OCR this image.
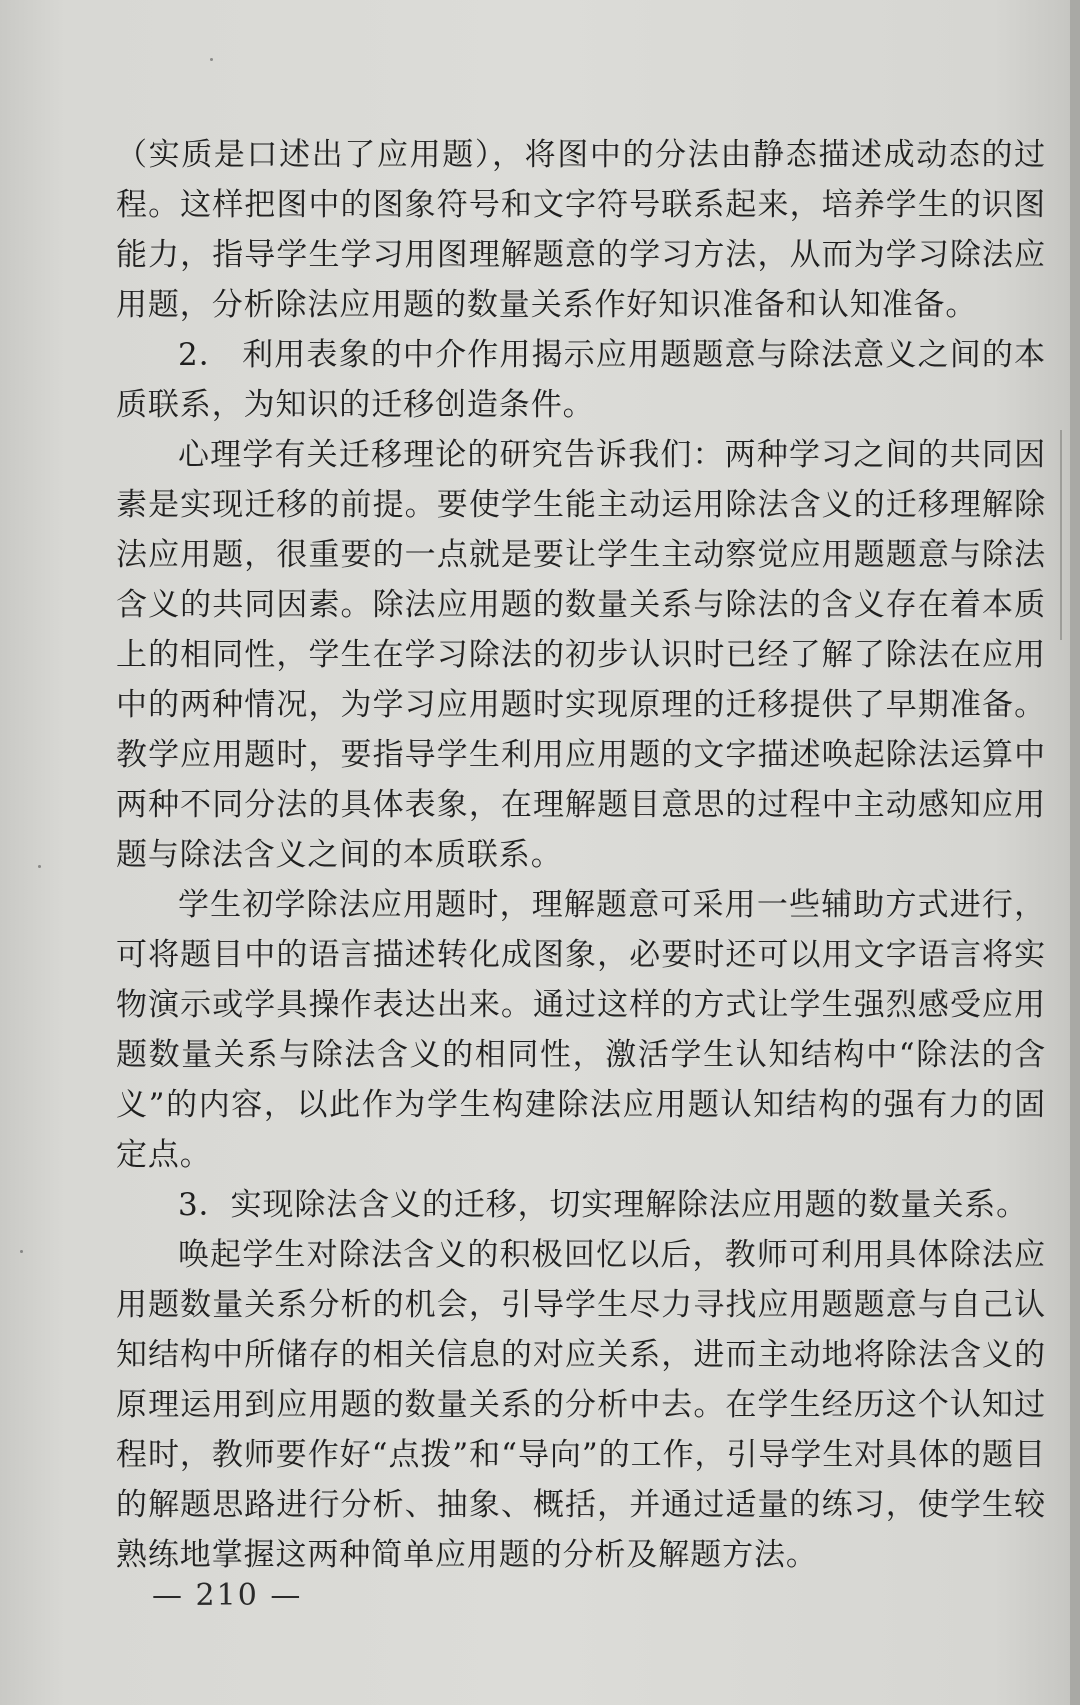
（实质是口述出了应用题），将图中的分法由静态描述成动态的过程。这样把图中的图象符号和文字符号联系起来，培养学生的识图能力，指导学生学习用图理解题意的学习方法，从而为学习除法应用题，分析除法应用题的数量关系作好知识准备和认知准备。

2． 利用表象的中介作用揭示应用题题意与除法意义之间的本质联系，为知识的迁移创造条件。

心理学有关迁移理论的研究告诉我们：两种学习之间的共同因素是实现迁移的前提。要使学生能主动运用除法含义的迁移理解除法应用题，很重要的一点就是要让学生主动察觉应用题题意与除法含义的共同因素。除法应用题的数量关系与除法的含义存在着本质上的相同性，学生在学习除法的初步认识时已经了解了除法在应用中的两种情况，为学习应用题时实现原理的迁移提供了早期准备。教学应用题时，要指导学生利用应用题的文字描述唤起除法运算中两种不同分法的具体表象，在理解题目意思的过程中主动感知应用题与除法含义之间的本质联系。

学生初学除法应用题时，理解题意可采用一些辅助方式进行，可将题目中的语言描述转化成图象，必要时还可以用文字语言将实物演示或学具操作表达出来。通过这样的方式让学生强烈感受应用题数量关系与除法含义的相同性，激活学生认知结构中“除法的含义”的内容，以此作为学生构建除法应用题认知结构的强有力的固定点。

3．实现除法含义的迁移，切实理解除法应用题的数量关系。

唤起学生对除法含义的积极回忆以后，教师可利用具体除法应用题数量关系分析的机会，引导学生尽力寻找应用题题意与自己认知结构中所储存的相关信息的对应关系，进而主动地将除法含义的原理运用到应用题的数量关系的分析中去。在学生经历这个认知过程时，教师要作好“点拨”和“导向”的工作，引导学生对具体的题目的解题思路进行分析、抽象、概括，并通过适量的练习，使学生较熟练地掌握这两种简单应用题的分析及解题方法。

— 210 —
